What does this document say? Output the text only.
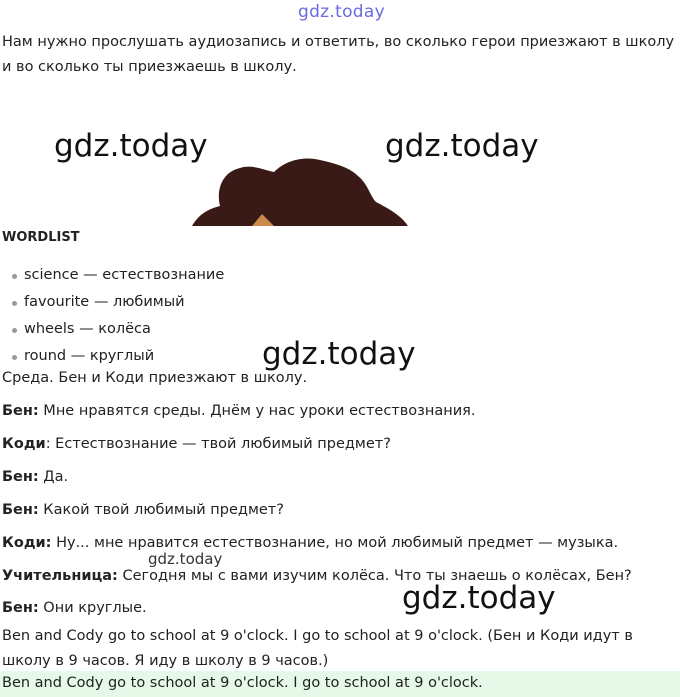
gdz.today
Нам нужно прослушать аудиозапись и ответить, во сколько герои приезжают в школу и во сколько ты приезжаешь в школу.
gdz.today	gdz.today
WORDLIST
science — естествознание
favourite — любимый
wheels — колёса
round — круглый	gdz.today
Среда. Бен и Коди приезжают в школу.
Бен: Мне нравятся среды. Днём у нас уроки естествознания.
Коди: Естествознание — твой любимый предмет?
Бен: Да.
Бен: Какой твой любимый предмет?
Коди: Ну... мне нравится естествознание, но мой любимый предмет — музыка.
gdz.today
Учительница: Сегодня мы с вами изучим колёса. Что ты знаешь о колёсах, Бен?
gdz.today
Бен: Они круглые.
Ben and Cody go to school at 9 o'clock. I go to school at 9 o'clock. (Бен и Коди идут в школу в 9 часов. Я иду в школу в 9 часов.)
Ben and Cody go to school at 9 o'clock. I go to school at 9 o'clock.
